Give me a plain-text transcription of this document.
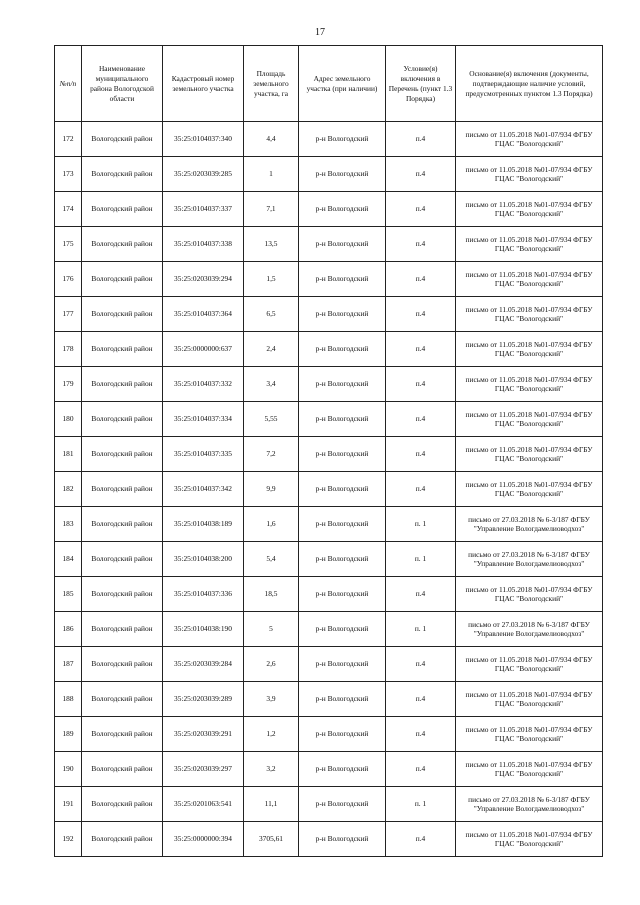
17
№п/п	Наименование муниципального района Вологодской области	Кадастровый номер земельного участка	Площадь земельного участка, га	Адрес земельного участка (при наличии)	Условие(я) включения в Перечень (пункт 1.3 Порядка)	Основание(я) включения (документы, подтверждающие наличие условий, предусмотренных пунктом 1.3 Порядка)
172	Вологодский район	35:25:0104037:340	4,4	р-н Вологодский	п.4	письмо от 11.05.2018 №01-07/934 ФГБУ ГЦАС "Вологодский"
173	Вологодский район	35:25:0203039:285	1	р-н Вологодский	п.4	письмо от 11.05.2018 №01-07/934 ФГБУ ГЦАС "Вологодский"
174	Вологодский район	35:25:0104037:337	7,1	р-н Вологодский	п.4	письмо от 11.05.2018 №01-07/934 ФГБУ ГЦАС "Вологодский"
175	Вологодский район	35:25:0104037:338	13,5	р-н Вологодский	п.4	письмо от 11.05.2018 №01-07/934 ФГБУ ГЦАС "Вологодский"
176	Вологодский район	35:25:0203039:294	1,5	р-н Вологодский	п.4	письмо от 11.05.2018 №01-07/934 ФГБУ ГЦАС "Вологодский"
177	Вологодский район	35:25:0104037:364	6,5	р-н Вологодский	п.4	письмо от 11.05.2018 №01-07/934 ФГБУ ГЦАС "Вологодский"
178	Вологодский район	35:25:0000000:637	2,4	р-н Вологодский	п.4	письмо от 11.05.2018 №01-07/934 ФГБУ ГЦАС "Вологодский"
179	Вологодский район	35:25:0104037:332	3,4	р-н Вологодский	п.4	письмо от 11.05.2018 №01-07/934 ФГБУ ГЦАС "Вологодский"
180	Вологодский район	35:25:0104037:334	5,55	р-н Вологодский	п.4	письмо от 11.05.2018 №01-07/934 ФГБУ ГЦАС "Вологодский"
181	Вологодский район	35:25:0104037:335	7,2	р-н Вологодский	п.4	письмо от 11.05.2018 №01-07/934 ФГБУ ГЦАС "Вологодский"
182	Вологодский район	35:25:0104037:342	9,9	р-н Вологодский	п.4	письмо от 11.05.2018 №01-07/934 ФГБУ ГЦАС "Вологодский"
183	Вологодский район	35:25:0104038:189	1,6	р-н Вологодский	п. 1	письмо от 27.03.2018 № 6-3/187 ФГБУ "Управление Вологдамелиоводхоз"
184	Вологодский район	35:25:0104038:200	5,4	р-н Вологодский	п. 1	письмо от 27.03.2018 № 6-3/187 ФГБУ "Управление Вологдамелиоводхоз"
185	Вологодский район	35:25:0104037:336	18,5	р-н Вологодский	п.4	письмо от 11.05.2018 №01-07/934 ФГБУ ГЦАС "Вологодский"
186	Вологодский район	35:25:0104038:190	5	р-н Вологодский	п. 1	письмо от 27.03.2018 № 6-3/187 ФГБУ "Управление Вологдамелиоводхоз"
187	Вологодский район	35:25:0203039:284	2,6	р-н Вологодский	п.4	письмо от 11.05.2018 №01-07/934 ФГБУ ГЦАС "Вологодский"
188	Вологодский район	35:25:0203039:289	3,9	р-н Вологодский	п.4	письмо от 11.05.2018 №01-07/934 ФГБУ ГЦАС "Вологодский"
189	Вологодский район	35:25:0203039:291	1,2	р-н Вологодский	п.4	письмо от 11.05.2018 №01-07/934 ФГБУ ГЦАС "Вологодский"
190	Вологодский район	35:25:0203039:297	3,2	р-н Вологодский	п.4	письмо от 11.05.2018 №01-07/934 ФГБУ ГЦАС "Вологодский"
191	Вологодский район	35:25:0201063:541	11,1	р-н Вологодский	п. 1	письмо от 27.03.2018 № 6-3/187 ФГБУ "Управление Вологдамелиоводхоз"
192	Вологодский район	35:25:0000000:394	3705,61	р-н Вологодский	п.4	письмо от 11.05.2018 №01-07/934 ФГБУ ГЦАС "Вологодский"
